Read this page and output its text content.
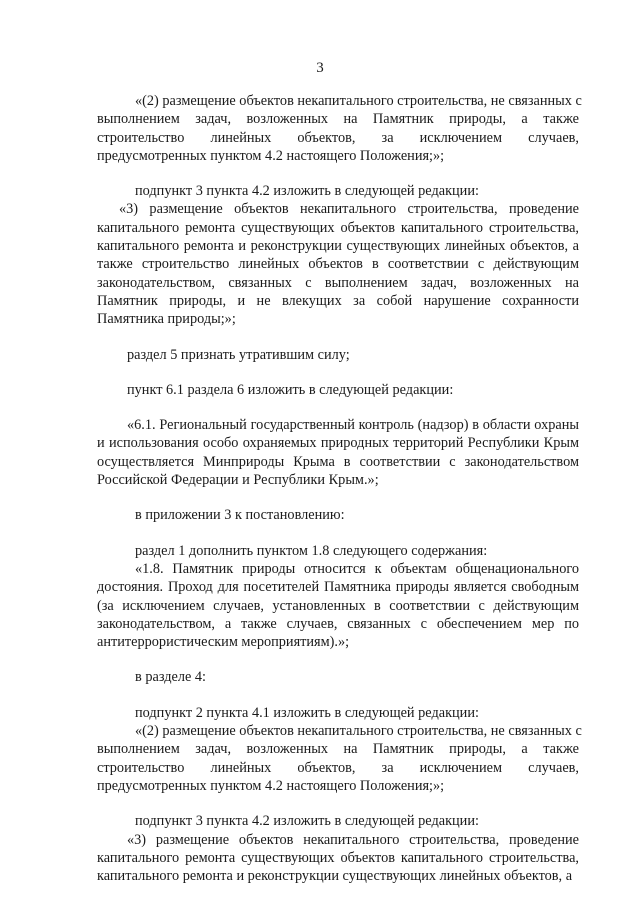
3

«(2) размещение объектов некапитального строительства, не связанных с
выполнением задач, возложенных на Памятник природы, а также
строительство линейных объектов, за исключением случаев,
предусмотренных пунктом 4.2 настоящего Положения;»;

подпункт 3 пункта 4.2 изложить в следующей редакции:

«3) размещение объектов некапитального строительства, проведение
капитального ремонта существующих объектов капитального строительства,
капитального ремонта и реконструкции существующих линейных объектов, а
также строительство линейных объектов в соответствии с действующим
законодательством, связанных с выполнением задач, возложенных на
Памятник природы, и не влекущих за собой нарушение сохранности
Памятника природы;»;

раздел 5 признать утратившим силу;

пункт 6.1 раздела 6 изложить в следующей редакции:

«6.1. Региональный государственный контроль (надзор) в области охраны
и использования особо охраняемых природных территорий Республики Крым
осуществляется Минприроды Крыма в соответствии с законодательством
Российской Федерации и Республики Крым.»;

в приложении 3 к постановлению:

раздел 1 дополнить пунктом 1.8 следующего содержания:

«1.8. Памятник природы относится к объектам общенационального
достояния. Проход для посетителей Памятника природы является свободным
(за исключением случаев, установленных в соответствии с действующим
законодательством, а также случаев, связанных с обеспечением мер по
антитеррористическим мероприятиям).»;

в разделе 4:

подпункт 2 пункта 4.1 изложить в следующей редакции:

«(2) размещение объектов некапитального строительства, не связанных с
выполнением задач, возложенных на Памятник природы, а также
строительство линейных объектов, за исключением случаев,
предусмотренных пунктом 4.2 настоящего Положения;»;

подпункт 3 пункта 4.2 изложить в следующей редакции:

«3) размещение объектов некапитального строительства, проведение
капитального ремонта существующих объектов капитального строительства,
капитального ремонта и реконструкции существующих линейных объектов, а
